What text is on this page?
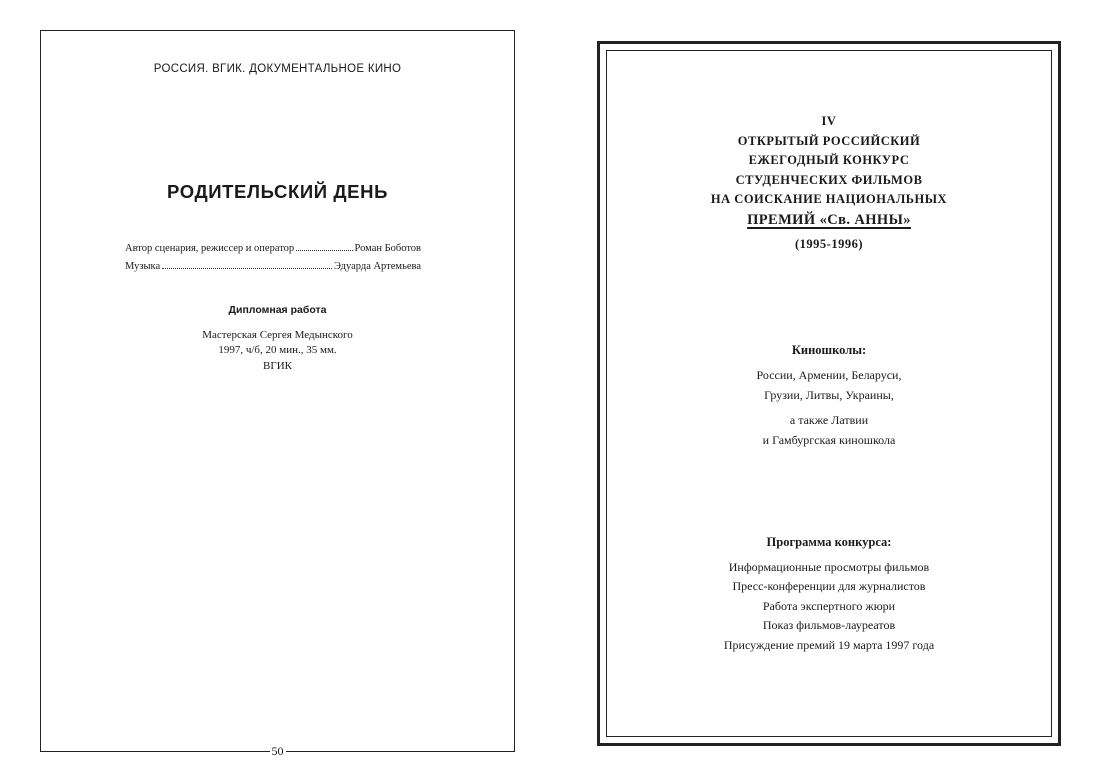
РОССИЯ. ВГИК. ДОКУМЕНТАЛЬНОЕ КИНО
РОДИТЕЛЬСКИЙ ДЕНЬ
Автор сценария, режиссер и оператор	Роман Боботов
Музыка	Эдуарда Артемьева
Дипломная работа
Мастерская Сергея Медынского
1997, ч/б, 20 мин., 35 мм.
ВГИК
50
IV
ОТКРЫТЫЙ РОССИЙСКИЙ
ЕЖЕГОДНЫЙ КОНКУРС
СТУДЕНЧЕСКИХ ФИЛЬМОВ
НА СОИСКАНИЕ НАЦИОНАЛЬНЫХ
ПРЕМИЙ «Св. АННЫ»
(1995-1996)
Киношколы:
России, Армении, Беларуси,
Грузии, Литвы, Украины,
а также Латвии
и Гамбургская киношкола
Программа конкурса:
Информационные просмотры фильмов
Пресс-конференции для журналистов
Работа экспертного жюри
Показ фильмов-лауреатов
Присуждение премий 19 марта 1997 года
